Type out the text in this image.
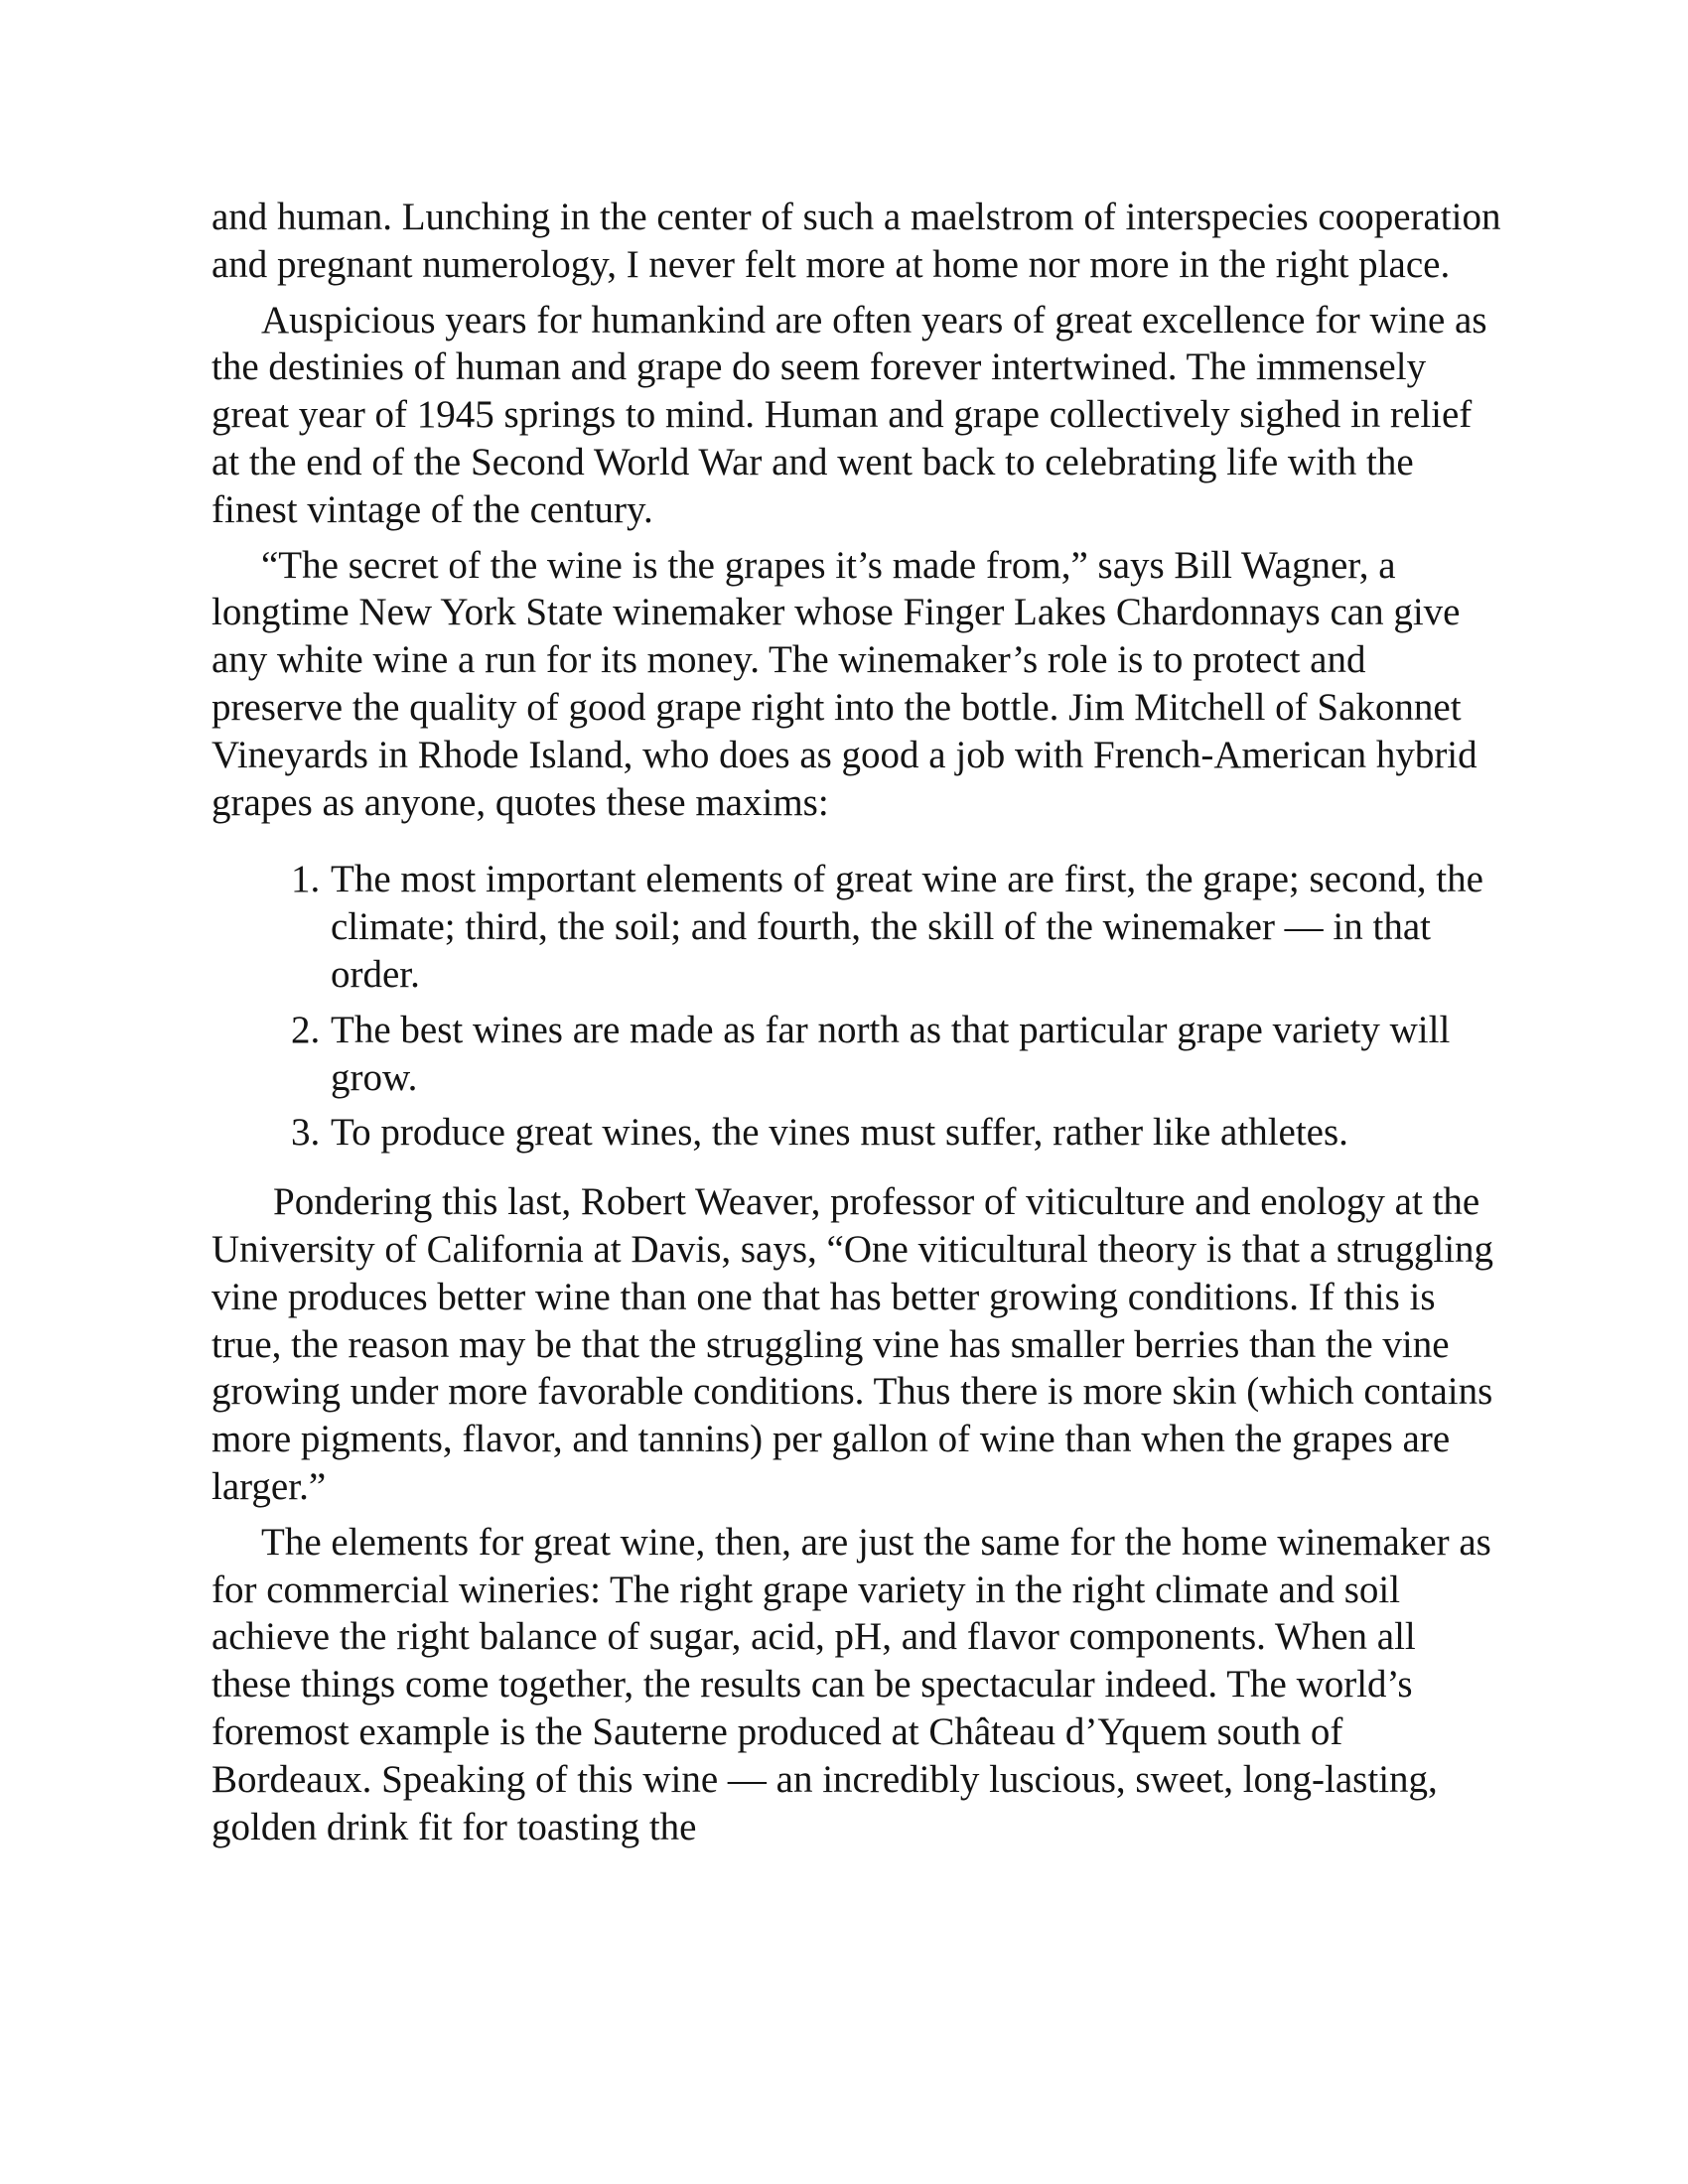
and human. Lunching in the center of such a maelstrom of interspecies cooperation and pregnant numerology, I never felt more at home nor more in the right place.

Auspicious years for humankind are often years of great excellence for wine as the destinies of human and grape do seem forever intertwined. The immensely great year of 1945 springs to mind. Human and grape collectively sighed in relief at the end of the Second World War and went back to celebrating life with the finest vintage of the century.

“The secret of the wine is the grapes it’s made from,” says Bill Wagner, a longtime New York State winemaker whose Finger Lakes Chardonnays can give any white wine a run for its money. The winemaker’s role is to protect and preserve the quality of good grape right into the bottle. Jim Mitchell of Sakonnet Vineyards in Rhode Island, who does as good a job with French-American hybrid grapes as anyone, quotes these maxims:

1. The most important elements of great wine are first, the grape; second, the climate; third, the soil; and fourth, the skill of the winemaker — in that order.
2. The best wines are made as far north as that particular grape variety will grow.
3. To produce great wines, the vines must suffer, rather like athletes.

Pondering this last, Robert Weaver, professor of viticulture and enology at the University of California at Davis, says, “One viticultural theory is that a struggling vine produces better wine than one that has better growing conditions. If this is true, the reason may be that the struggling vine has smaller berries than the vine growing under more favorable conditions. Thus there is more skin (which contains more pigments, flavor, and tannins) per gallon of wine than when the grapes are larger.”

The elements for great wine, then, are just the same for the home winemaker as for commercial wineries: The right grape variety in the right climate and soil achieve the right balance of sugar, acid, pH, and flavor components. When all these things come together, the results can be spectacular indeed. The world’s foremost example is the Sauterne produced at Château d’Yquem south of Bordeaux. Speaking of this wine — an incredibly luscious, sweet, long-lasting, golden drink fit for toasting the
